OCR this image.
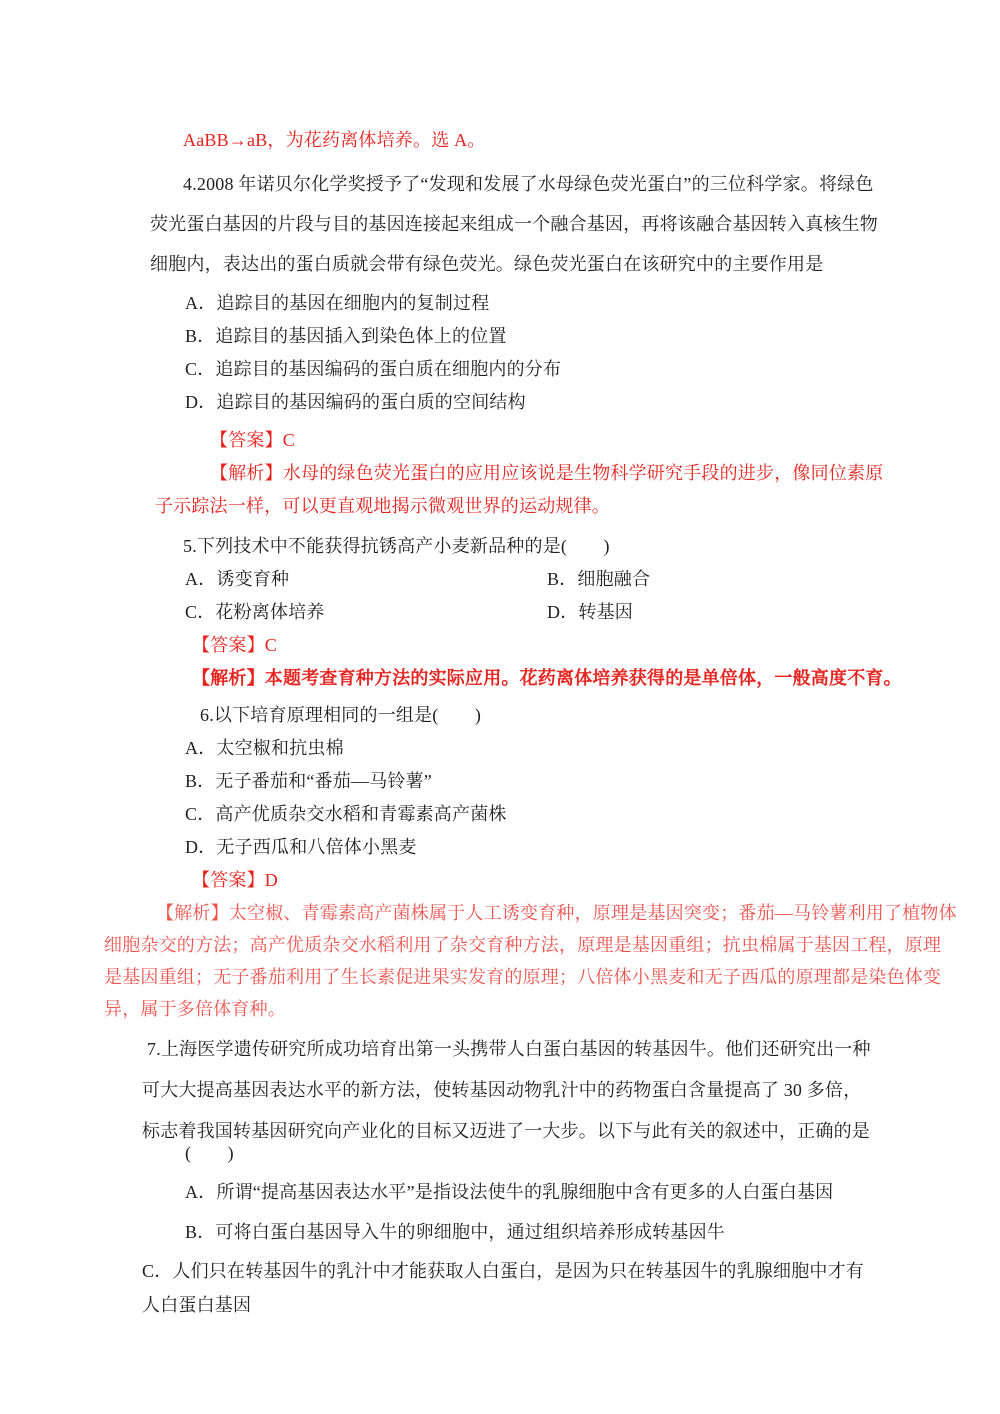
AaBB→aB，为花药离体培养。选 A。
4.2008 年诺贝尔化学奖授予了“发现和发展了水母绿色荧光蛋白”的三位科学家。将绿色
荧光蛋白基因的片段与目的基因连接起来组成一个融合基因，再将该融合基因转入真核生物
细胞内，表达出的蛋白质就会带有绿色荧光。绿色荧光蛋白在该研究中的主要作用是
A．追踪目的基因在细胞内的复制过程
B．追踪目的基因插入到染色体上的位置
C．追踪目的基因编码的蛋白质在细胞内的分布
D．追踪目的基因编码的蛋白质的空间结构
【答案】C
【解析】水母的绿色荧光蛋白的应用应该说是生物科学研究手段的进步，像同位素原
子示踪法一样，可以更直观地揭示微观世界的运动规律。
5.下列技术中不能获得抗锈高产小麦新品种的是(　　)
A．诱变育种	B．细胞融合
C．花粉离体培养	D．转基因
【答案】C
【解析】本题考查育种方法的实际应用。花药离体培养获得的是单倍体，一般高度不育。
6.以下培育原理相同的一组是(　　)
A．太空椒和抗虫棉
B．无子番茄和“番茄—马铃薯”
C．高产优质杂交水稻和青霉素高产菌株
D．无子西瓜和八倍体小黑麦
【答案】D
【解析】太空椒、青霉素高产菌株属于人工诱变育种，原理是基因突变；番茄—马铃薯利用了植物体
细胞杂交的方法；高产优质杂交水稻利用了杂交育种方法，原理是基因重组；抗虫棉属于基因工程，原理
是基因重组；无子番茄利用了生长素促进果实发育的原理；八倍体小黑麦和无子西瓜的原理都是染色体变
异，属于多倍体育种。
7.上海医学遗传研究所成功培育出第一头携带人白蛋白基因的转基因牛。他们还研究出一种
可大大提高基因表达水平的新方法，使转基因动物乳汁中的药物蛋白含量提高了 30 多倍，
标志着我国转基因研究向产业化的目标又迈进了一大步。以下与此有关的叙述中，正确的是
(　　)
A．所谓“提高基因表达水平”是指设法使牛的乳腺细胞中含有更多的人白蛋白基因
B．可将白蛋白基因导入牛的卵细胞中，通过组织培养形成转基因牛
C．人们只在转基因牛的乳汁中才能获取人白蛋白，是因为只在转基因牛的乳腺细胞中才有
人白蛋白基因
